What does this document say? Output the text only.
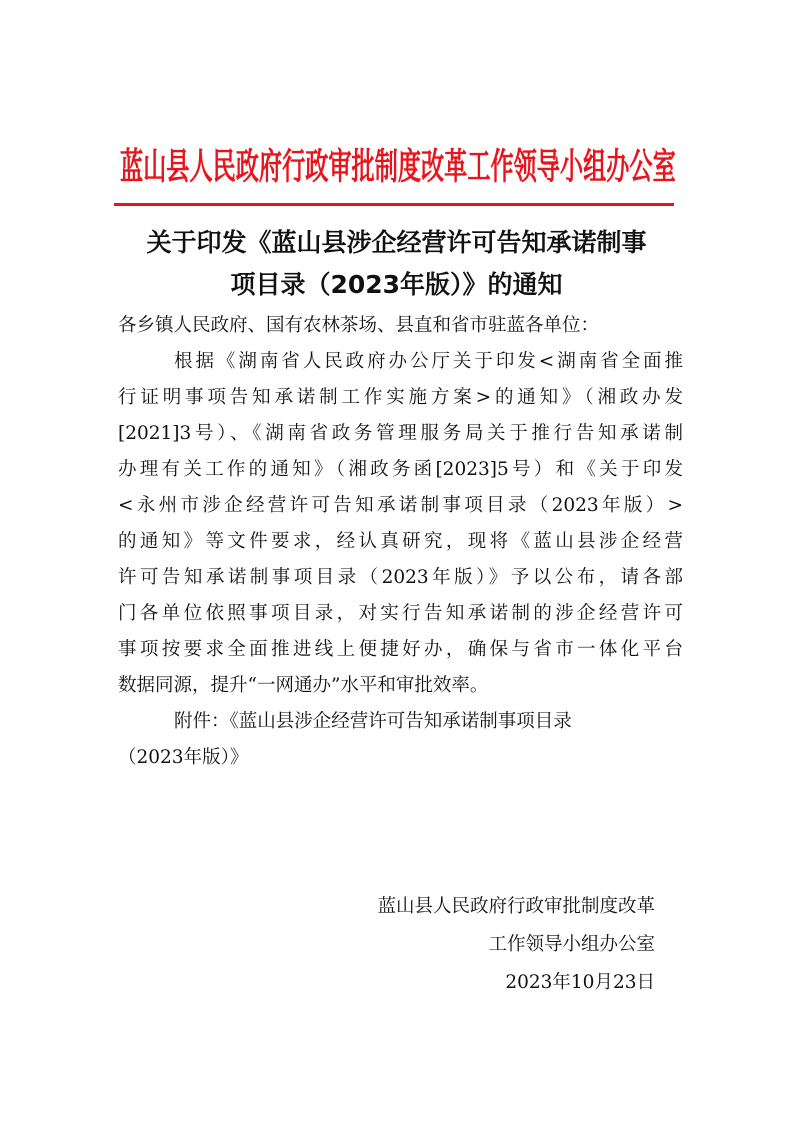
蓝山县人民政府行政审批制度改革工作领导小组办公室
关于印发《蓝山县涉企经营许可告知承诺制事
项目录（2023年版）》的通知
各乡镇人民政府、国有农林茶场、县直和省市驻蓝各单位：
根据《湖南省人民政府办公厅关于印发<湖南省全面推
行证明事项告知承诺制工作实施方案>的通知》（湘政办发
[2021]3号）、《湖南省政务管理服务局关于推行告知承诺制
办理有关工作的通知》（湘政务函[2023]5号）和《关于印发
<永州市涉企经营许可告知承诺制事项目录（2023年版）>
的通知》等文件要求，经认真研究，现将《蓝山县涉企经营
许可告知承诺制事项目录（2023年版）》予以公布，请各部
门各单位依照事项目录，对实行告知承诺制的涉企经营许可
事项按要求全面推进线上便捷好办，确保与省市一体化平台
数据同源，提升“一网通办”水平和审批效率。
附件：《蓝山县涉企经营许可告知承诺制事项目录
（2023年版）》
蓝山县人民政府行政审批制度改革
工作领导小组办公室
2023年10月23日
